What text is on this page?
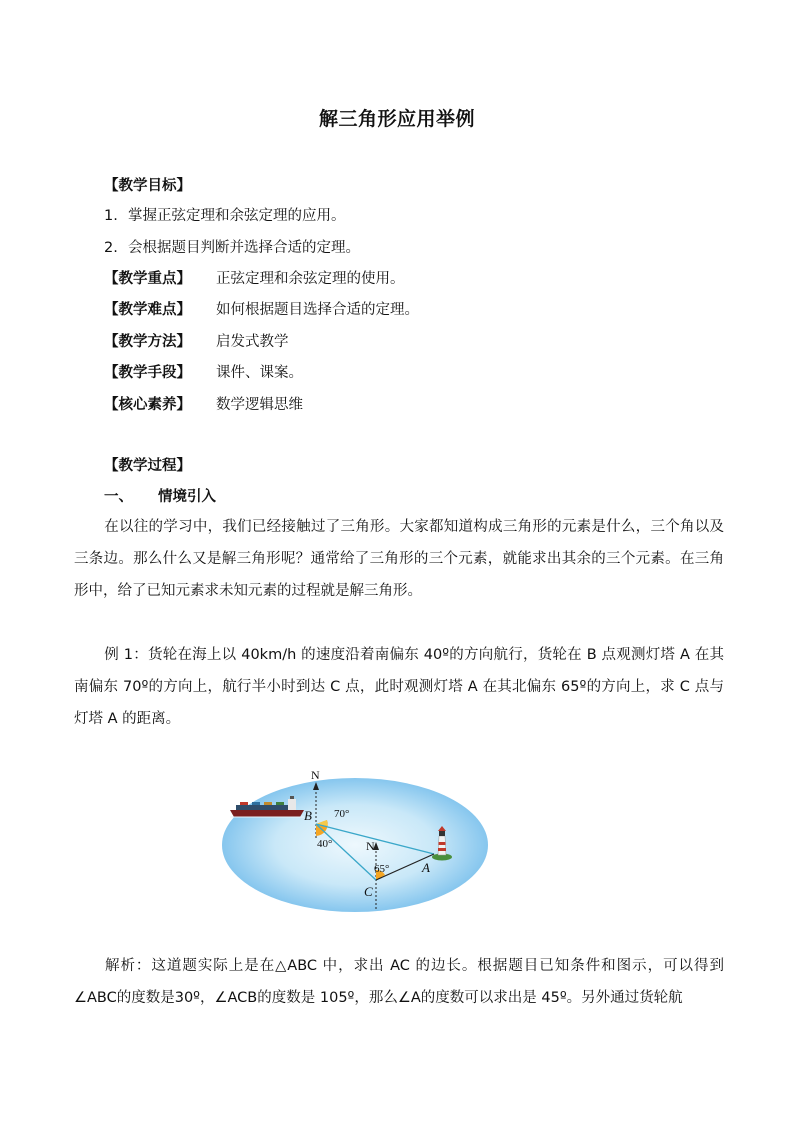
解三角形应用举例
【教学目标】
1. 掌握正弦定理和余弦定理的应用。
2. 会根据题目判断并选择合适的定理。
【教学重点】 正弦定理和余弦定理的使用。
【教学难点】 如何根据题目选择合适的定理。
【教学方法】 启发式教学
【教学手段】 课件、课案。
【核心素养】 数学逻辑思维
【教学过程】
一、 情境引入
在以往的学习中，我们已经接触过了三角形。大家都知道构成三角形的元素是什么，三个角以及三条边。那么什么又是解三角形呢？通常给了三角形的三个元素，就能求出其余的三个元素。在三角形中，给了已知元素求未知元素的过程就是解三角形。
例 1：货轮在海上以 40km/h 的速度沿着南偏东 40º的方向航行，货轮在 B 点观测灯塔 A 在其南偏东 70º的方向上，航行半小时到达 C 点，此时观测灯塔 A 在其北偏东 65º的方向上，求 C 点与灯塔 A 的距离。
N
N
B
C
A
70°
40°
65°
解析：这道题实际上是在△ABC 中，求出 AC 的边长。根据题目已知条件和图示，可以得到∠ABC的度数是30º，∠ACB的度数是 105º，那么∠A的度数可以求出是 45º。另外通过货轮航
